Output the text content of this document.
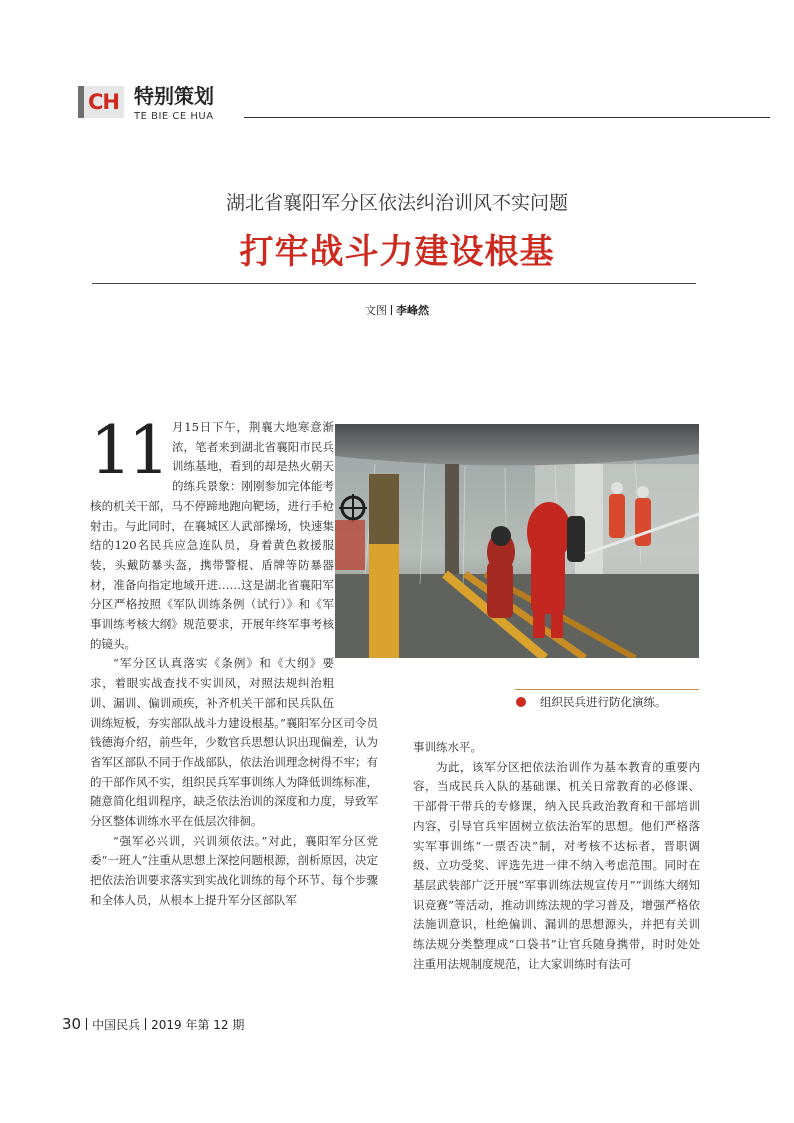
CH 特别策划
TE BIE CE HUA
湖北省襄阳军分区依法纠治训风不实问题
打牢战斗力建设根基
文图 李峰然
组织民兵进行防化演练。

11 月15日下午，荆襄大地寒意渐浓，笔者来到湖北省襄阳市民兵训练基地，看到的却是热火朝天的练兵景象：刚刚参加完体能考核的机关干部，马不停蹄地跑向靶场，进行手枪射击。与此同时，在襄城区人武部操场，快速集结的120名民兵应急连队员，身着黄色救援服装，头戴防暴头盔，携带警棍、盾牌等防暴器材，准备向指定地域开进……这是湖北省襄阳军分区严格按照《军队训练条例（试行）》和《军事训练考核大纲》规范要求，开展年终军事考核的镜头。

“军分区认真落实《条例》和《大纲》要求，着眼实战查找不实训风，对照法规纠治粗训、漏训、偏训顽疾，补齐机关干部和民兵队伍训练短板，夯实部队战斗力建设根基。”襄阳军分区司令员钱德海介绍，前些年，少数官兵思想认识出现偏差，认为省军区部队不同于作战部队，依法治训理念树得不牢；有的干部作风不实，组织民兵军事训练人为降低训练标准，随意简化组训程序，缺乏依法治训的深度和力度，导致军分区整体训练水平在低层次徘徊。

“强军必兴训，兴训须依法。”对此，襄阳军分区党委“一班人”注重从思想上深挖问题根源，剖析原因，决定把依法治训要求落实到实战化训练的每个环节、每个步骤和全体人员，从根本上提升军分区部队军

事训练水平。

为此，该军分区把依法治训作为基本教育的重要内容，当成民兵入队的基础课、机关日常教育的必修课、干部骨干带兵的专修课，纳入民兵政治教育和干部培训内容，引导官兵牢固树立依法治军的思想。他们严格落实军事训练“一票否决”制，对考核不达标者，晋职调级、立功受奖、评选先进一律不纳入考虑范围。同时在基层武装部广泛开展“军事训练法规宣传月”“训练大纲知识竞赛”等活动，推动训练法规的学习普及，增强严格依法施训意识，杜绝偏训、漏训的思想源头，并把有关训练法规分类整理成“口袋书”让官兵随身携带，时时处处注重用法规制度规范，让大家训练时有法可

30 中国民兵 2019 年第 12 期
